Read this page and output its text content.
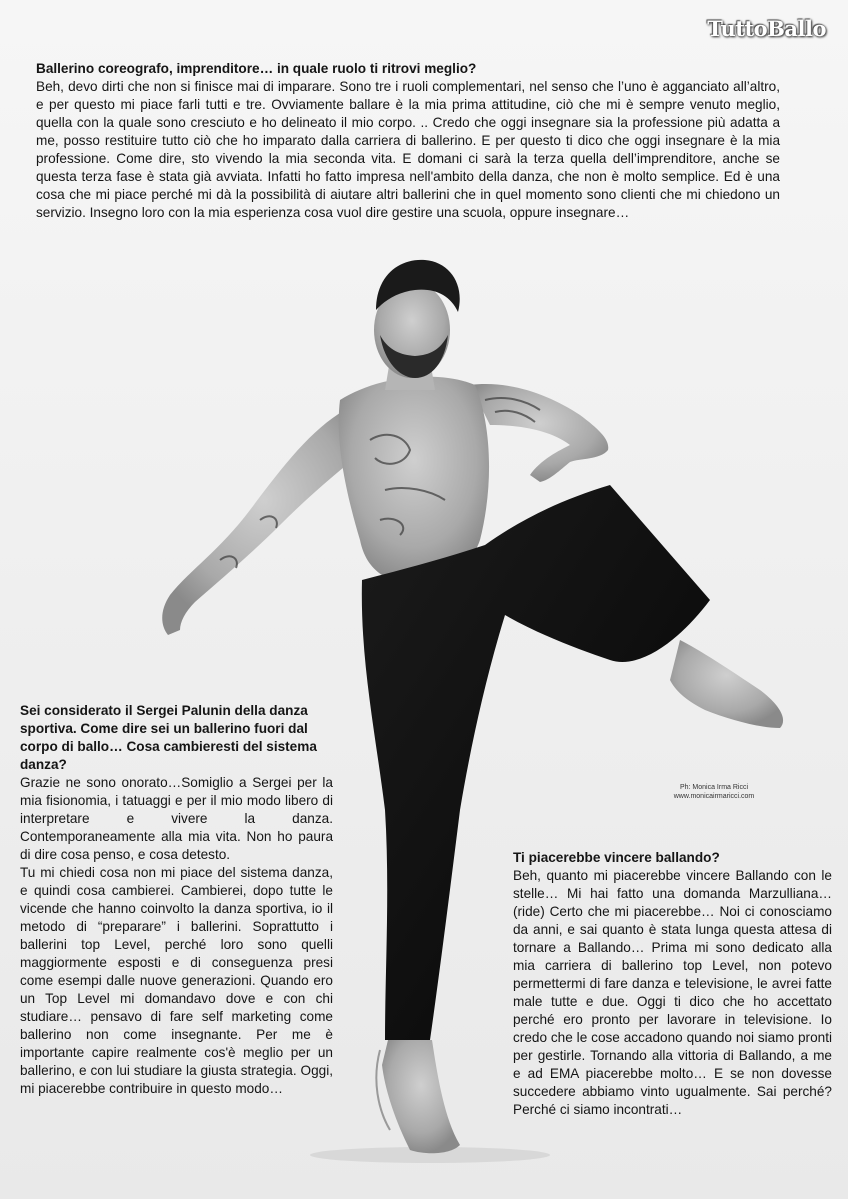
TuttoBallo

Ballerino coreografo, imprenditore… in quale ruolo ti ritrovi meglio?

Beh, devo dirti che non si finisce mai di imparare. Sono tre i ruoli complementari, nel senso che l’uno è agganciato all’altro, e per questo mi piace farli tutti e tre. Ovviamente ballare è la mia prima attitudine, ciò che mi è sempre venuto meglio, quella con la quale sono cresciuto e ho delineato il mio corpo. .. Credo che oggi insegnare sia la professione più adatta a me, posso restituire tutto ciò che ho imparato dalla carriera di ballerino. E per questo ti dico che oggi insegnare è la mia professione. Come dire, sto vivendo la mia seconda vita. E domani ci sarà la terza quella dell’imprenditore, anche se questa terza fase è stata già avviata. Infatti ho fatto impresa nell'ambito della danza, che non è molto semplice. Ed è una cosa che mi piace perché mi dà la possibilità di aiutare altri ballerini che in quel momento sono clienti che mi chiedono un servizio. Insegno loro con la mia esperienza cosa vuol dire gestire una scuola, oppure insegnare…

Sei considerato il Sergei Palunin della danza sportiva. Come dire sei un ballerino fuori dal corpo di ballo… Cosa cambieresti del sistema danza?

Grazie ne sono onorato…Somiglio a Sergei per la mia fisionomia, i tatuaggi e per il mio modo libero di interpretare e vivere la danza. Contemporaneamente alla mia vita. Non ho paura di dire cosa penso, e cosa detesto.

Tu mi chiedi cosa non mi piace del sistema danza, e quindi cosa cambierei. Cambierei, dopo tutte le vicende che hanno coinvolto la danza sportiva, io il metodo di “preparare” i ballerini. Soprattutto i ballerini top Level, perché loro sono quelli maggiormente esposti e di conseguenza presi come esempi dalle nuove generazioni. Quando ero un Top Level mi domandavo dove e con chi studiare… pensavo di fare self marketing come ballerino non come insegnante. Per me è importante capire realmente cos'è meglio per un ballerino, e con lui studiare la giusta strategia. Oggi, mi piacerebbe contribuire in questo modo…

Ph: Monica Irma Ricci
www.monicairmaricci.com

Ti piacerebbe vincere ballando?

Beh, quanto mi piacerebbe vincere Ballando con le stelle… Mi hai fatto una domanda Marzulliana… (ride) Certo che mi piacerebbe… Noi ci conosciamo da anni, e sai quanto è stata lunga questa attesa di tornare a Ballando… Prima mi sono dedicato alla mia carriera di ballerino top Level, non potevo permettermi di fare danza e televisione, le avrei fatte male tutte e due. Oggi ti dico che ho accettato perché ero pronto per lavorare in televisione. Io credo che le cose accadono quando noi siamo pronti per gestirle. Tornando alla vittoria di Ballando, a me e ad EMA piacerebbe molto… E se non dovesse succedere abbiamo vinto ugualmente. Sai perché? Perché ci siamo incontrati…
